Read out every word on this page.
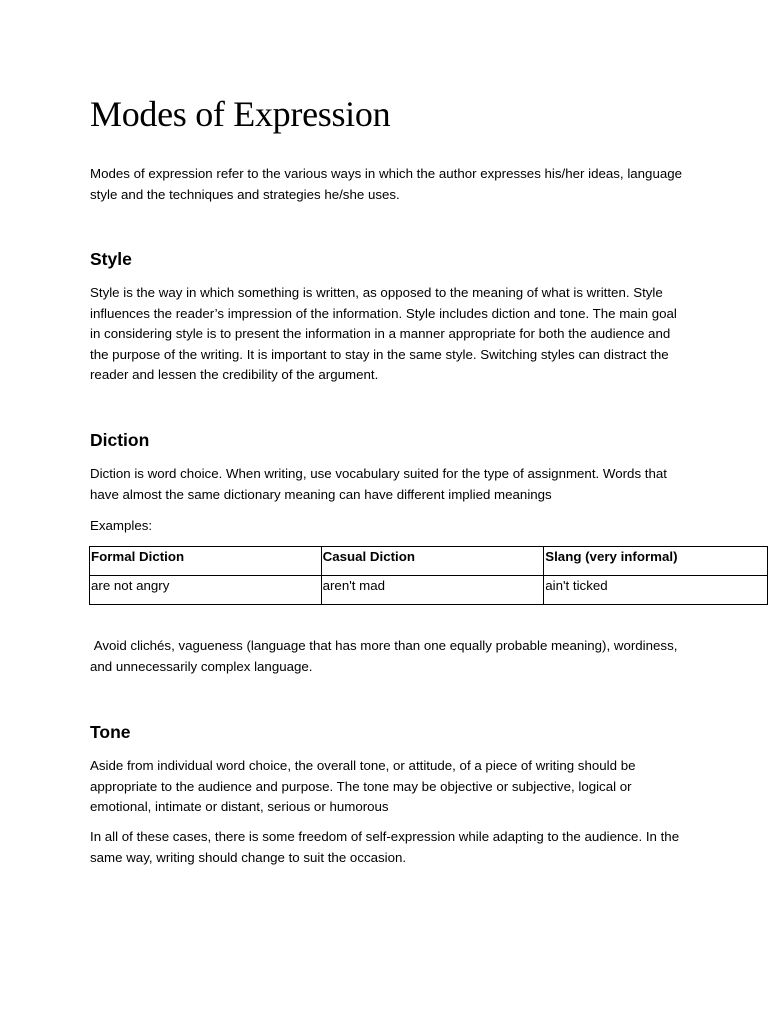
Modes of Expression

Modes of expression refer to the various ways in which the author expresses his/her ideas, language style and the techniques and strategies he/she uses.

Style

Style is the way in which something is written, as opposed to the meaning of what is written. Style influences the reader’s impression of the information. Style includes diction and tone. The main goal in considering style is to present the information in a manner appropriate for both the audience and the purpose of the writing. It is important to stay in the same style. Switching styles can distract the reader and lessen the credibility of the argument.

Diction

Diction is word choice. When writing, use vocabulary suited for the type of assignment. Words that have almost the same dictionary meaning can have different implied meanings

Examples:

Formal Diction	Casual Diction	Slang (very informal)
are not angry	aren't mad	ain't ticked

Avoid clichés, vagueness (language that has more than one equally probable meaning), wordiness, and unnecessarily complex language.

Tone

Aside from individual word choice, the overall tone, or attitude, of a piece of writing should be appropriate to the audience and purpose. The tone may be objective or subjective, logical or emotional, intimate or distant, serious or humorous

In all of these cases, there is some freedom of self-expression while adapting to the audience. In the same way, writing should change to suit the occasion.
